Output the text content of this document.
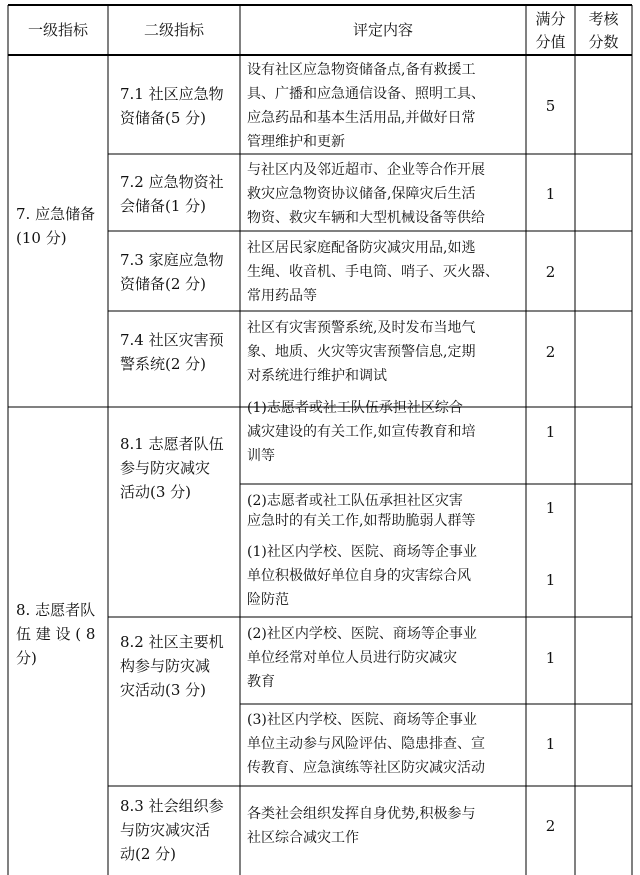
一级指标	二级指标	评定内容
满分
分值
考核
分数
7. 应急储备
(10 分)
8. 志愿者队
伍 建 设 ( 8
分)
7.1 社区应急物
资储备(5 分)
7.2 应急物资社
会储备(1 分)
7.3 家庭应急物
资储备(2 分)
7.4 社区灾害预
警系统(2 分)
8.1 志愿者队伍
参与防灾减灾
活动(3 分)
8.2 社区主要机
构参与防灾减
灾活动(3 分)
8.3 社会组织参
与防灾减灾活
动(2 分)
设有社区应急物资储备点,备有救援工
具、广播和应急通信设备、照明工具、
应急药品和基本生活用品,并做好日常
管理维护和更新
5
与社区内及邻近超市、企业等合作开展
救灾应急物资协议储备,保障灾后生活
物资、救灾车辆和大型机械设备等供给
1
社区居民家庭配备防灾减灾用品,如逃
生绳、收音机、手电筒、哨子、灭火器、
常用药品等
2
社区有灾害预警系统,及时发布当地气
象、地质、火灾等灾害预警信息,定期
对系统进行维护和调试
2
(1)志愿者或社工队伍承担社区综合
减灾建设的有关工作,如宣传教育和培
训等
1
(2)志愿者或社工队伍承担社区灾害
应急时的有关工作,如帮助脆弱人群等
1
(1)社区内学校、医院、商场等企事业
单位积极做好单位自身的灾害综合风
险防范
1
(2)社区内学校、医院、商场等企事业
单位经常对单位人员进行防灾减灾
教育
1
(3)社区内学校、医院、商场等企事业
单位主动参与风险评估、隐患排查、宣
传教育、应急演练等社区防灾减灾活动
1
各类社会组织发挥自身优势,积极参与
社区综合减灾工作
2
